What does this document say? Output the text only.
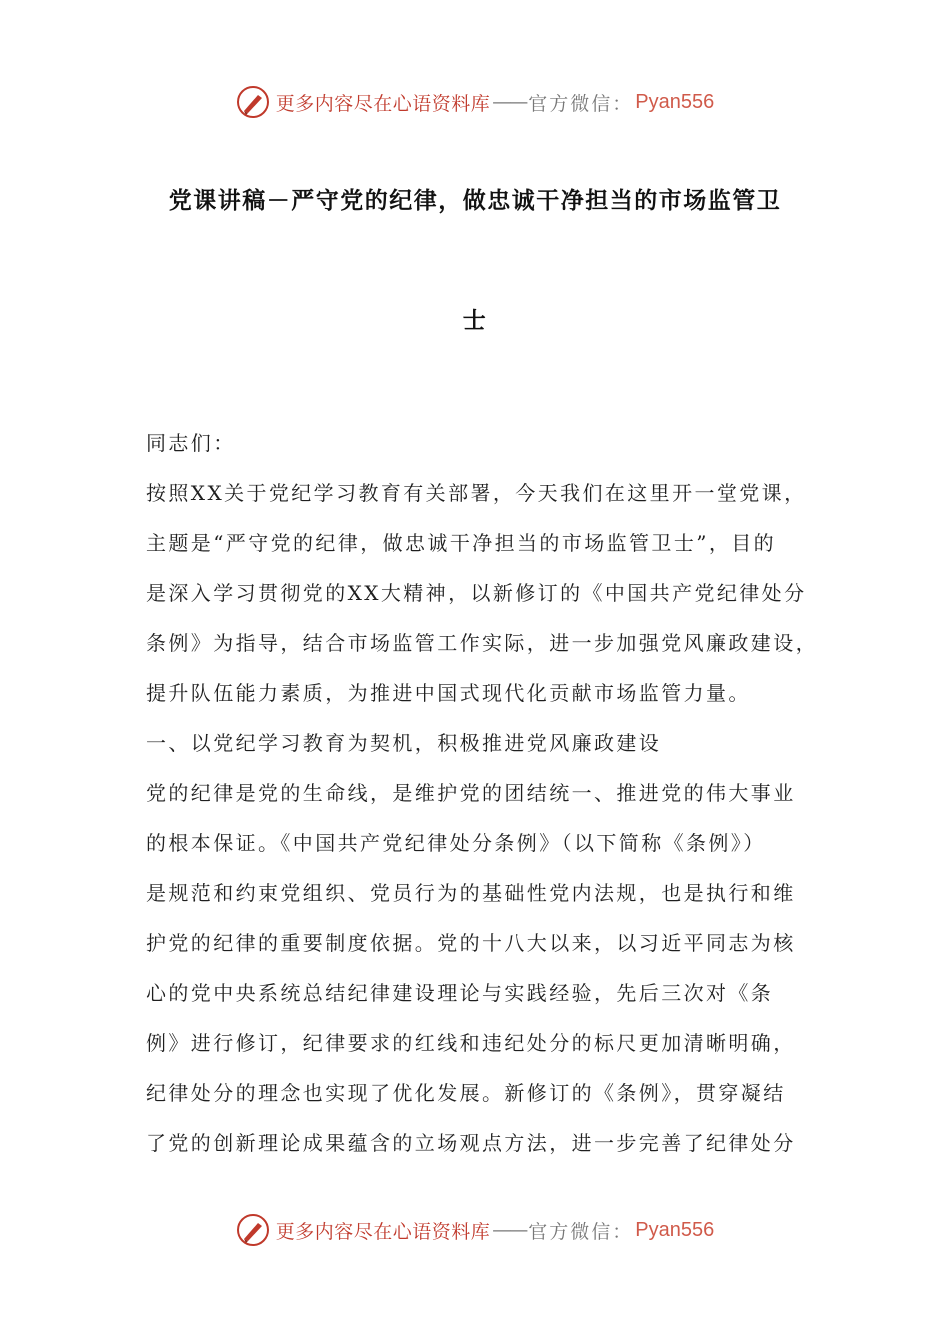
更多内容尽在心语资料库 —— 官方微信： Pyan556
党课讲稿－严守党的纪律，做忠诚干净担当的市场监管卫
士
同志们：
按照XX关于党纪学习教育有关部署，今天我们在这里开一堂党课，
主题是“严守党的纪律，做忠诚干净担当的市场监管卫士”，目的
是深入学习贯彻党的XX大精神，以新修订的《中国共产党纪律处分
条例》为指导，结合市场监管工作实际，进一步加强党风廉政建设，
提升队伍能力素质，为推进中国式现代化贡献市场监管力量。
一、以党纪学习教育为契机，积极推进党风廉政建设
党的纪律是党的生命线，是维护党的团结统一、推进党的伟大事业
的根本保证。《中国共产党纪律处分条例》（以下简称《条例》）
是规范和约束党组织、党员行为的基础性党内法规，也是执行和维
护党的纪律的重要制度依据。党的十八大以来，以习近平同志为核
心的党中央系统总结纪律建设理论与实践经验，先后三次对《条
例》进行修订，纪律要求的红线和违纪处分的标尺更加清晰明确，
纪律处分的理念也实现了优化发展。新修订的《条例》，贯穿凝结
了党的创新理论成果蕴含的立场观点方法，进一步完善了纪律处分
更多内容尽在心语资料库 —— 官方微信： Pyan556
